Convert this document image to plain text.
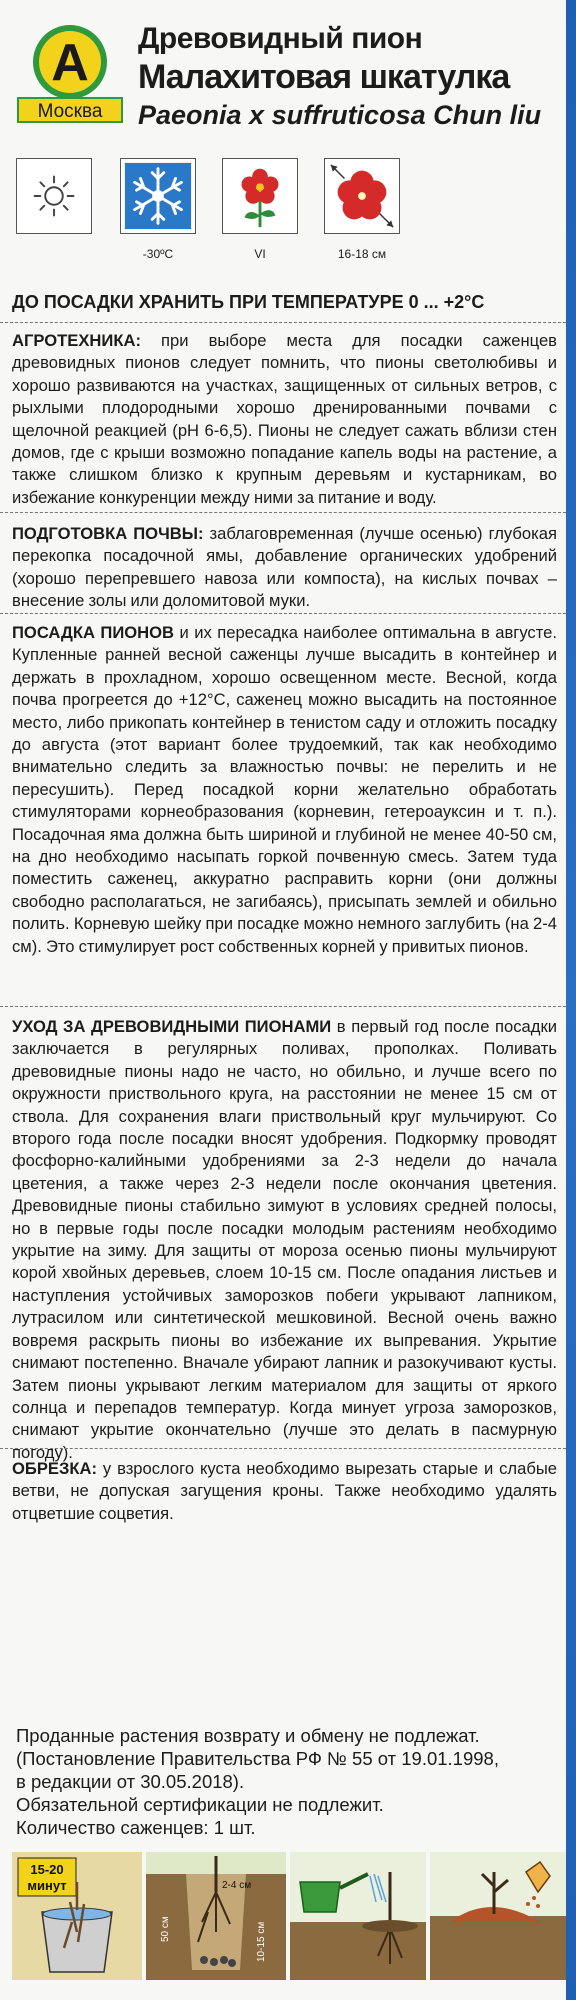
А
Москва
Древовидный пион
Малахитовая шкатулка
Paeonia x suffruticosa Chun liu
-30ºC	VI	16-18 см
ДО ПОСАДКИ ХРАНИТЬ ПРИ ТЕМПЕРАТУРЕ 0 ... +2°С
АГРОТЕХНИКА: при выборе места для посадки саженцев древовидных пионов следует помнить, что пионы светолюбивы и хорошо развиваются на участках, защищенных от сильных ветров, с рыхлыми плодородными хорошо дренированными почвами с щелочной реакцией (рН 6-6,5). Пионы не следует сажать вблизи стен домов, где с крыши возможно попадание капель воды на растение, а также слишком близко к крупным деревьям и кустарникам, во избежание конкуренции между ними за питание и воду.
ПОДГОТОВКА ПОЧВЫ: заблаговременная (лучше осенью) глубокая перекопка посадочной ямы, добавление органических удобрений (хорошо перепревшего навоза или компоста), на кислых почвах – внесение золы или доломитовой муки.
ПОСАДКА ПИОНОВ и их пересадка наиболее оптимальна в августе. Купленные ранней весной саженцы лучше высадить в контейнер и держать в прохладном, хорошо освещенном месте. Весной, когда почва прогреется до +12°С, саженец можно высадить на постоянное место, либо прикопать контейнер в тенистом саду и отложить посадку до августа (этот вариант более трудоемкий, так как необходимо внимательно следить за влажностью почвы: не перелить и не пересушить). Перед посадкой корни желательно обработать стимуляторами корнеобразования (корневин, гетероауксин и т. п.). Посадочная яма должна быть шириной и глубиной не менее 40-50 см, на дно необходимо насыпать горкой почвенную смесь. Затем туда поместить саженец, аккуратно расправить корни (они должны свободно располагаться, не загибаясь), присыпать землей и обильно полить. Корневую шейку при посадке можно немного заглубить (на 2-4 см). Это стимулирует рост собственных корней у привитых пионов.
УХОД ЗА ДРЕВОВИДНЫМИ ПИОНАМИ в первый год после посадки заключается в регулярных поливах, прополках. Поливать древовидные пионы надо не часто, но обильно, и лучше всего по окружности приствольного круга, на расстоянии не менее 15 см от ствола. Для сохранения влаги приствольный круг мульчируют. Со второго года после посадки вносят удобрения. Подкормку проводят фосфорно-калийными удобрениями за 2-3 недели до начала цветения, а также через 2-3 недели после окончания цветения. Древовидные пионы стабильно зимуют в условиях средней полосы, но в первые годы после посадки молодым растениям необходимо укрытие на зиму. Для защиты от мороза осенью пионы мульчируют корой хвойных деревьев, слоем 10-15 см. После опадания листьев и наступления устойчивых заморозков побеги укрывают лапником, лутрасилом или синтетической мешковиной. Весной очень важно вовремя раскрыть пионы во избежание их выпревания. Укрытие снимают постепенно. Вначале убирают лапник и разокучивают кусты. Затем пионы укрывают легким материалом для защиты от яркого солнца и перепадов температур. Когда минует угроза заморозков, снимают укрытие окончательно (лучше это делать в пасмурную погоду).
ОБРЕЗКА: у взрослого куста необходимо вырезать старые и слабые ветви, не допуская загущения кроны. Также необходимо удалять отцветшие соцветия.
Проданные растения возврату и обмену не подлежат.
(Постановление Правительства РФ № 55 от 19.01.1998,
в редакции от 30.05.2018).
Обязательной сертификации не подлежит.
Количество саженцев: 1 шт.
15-20
минут
50 см
2-4 см
10-15 см
